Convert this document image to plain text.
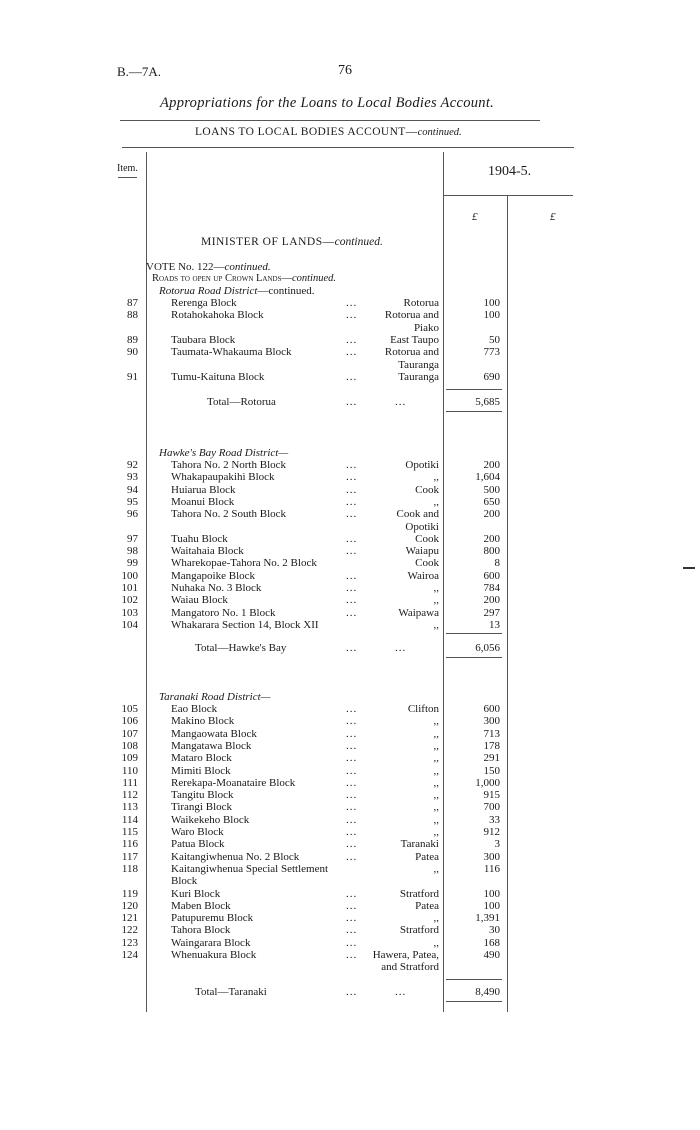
B.—7A.	76
Appropriations for the Loans to Local Bodies Account.
LOANS TO LOCAL BODIES ACCOUNT—continued.
Item.	1904-5.
£	£
MINISTER OF LANDS—continued.
VOTE No. 122—continued.
Roads to open up Crown Lands—continued.
Rotorua Road District—continued.
87	Rerenga Block	...	Rotorua	100
88	Rotahokahoka Block	...	Rotorua and	100
Piako
89	Taubara Block	...	East Taupo	50
90	Taumata-Whakauma Block	...	Rotorua and	773
Tauranga
91	Tumu-Kaituna Block	...	Tauranga	690
Total—Rotorua	...	...	5,685
Hawke's Bay Road District—
92	Tahora No. 2 North Block	...	Opotiki	200
93	Whakapaupakihi Block	...	,,	1,604
94	Huiarua Block	...	Cook	500
95	Moanui Block	...	,,	650
96	Tahora No. 2 South Block	...	Cook and	200
Opotiki
97	Tuahu Block	...	Cook	200
98	Waitahaia Block	...	Waiapu	800
99	Wharekopae-Tahora No. 2 Block	Cook	8
100	Mangapoike Block	...	Wairoa	600
101	Nuhaka No. 3 Block	...	,,	784
102	Waiau Block	...	,,	200
103	Mangatoro No. 1 Block	...	Waipawa	297
104	Whakarara Section 14, Block XII	,,	13
Total—Hawke's Bay	...	...	6,056
Taranaki Road District—
105	Eao Block	...	Clifton	600
106	Makino Block	...	,,	300
107	Mangaowata Block	...	,,	713
108	Mangatawa Block	...	,,	178
109	Mataro Block	...	,,	291
110	Mimiti Block	...	,,	150
111	Rerekapa-Moanataire Block	...	,,	1,000
112	Tangitu Block	...	,,	915
113	Tirangi Block	...	,,	700
114	Waikekeho Block	...	,,	33
115	Waro Block	...	,,	912
116	Patua Block	...	Taranaki	3
117	Kaitangiwhenua No. 2 Block	...	Patea	300
118	Kaitangiwhenua Special Settlement	,,	116
Block
119	Kuri Block	...	Stratford	100
120	Maben Block	...	Patea	100
121	Patupuremu Block	...	,,	1,391
122	Tahora Block	...	Stratford	30
123	Waingarara Block	...	,,	168
124	Whenuakura Block	...	Hawera, Patea,	490
and Stratford
Total—Taranaki	...	...	8,490
